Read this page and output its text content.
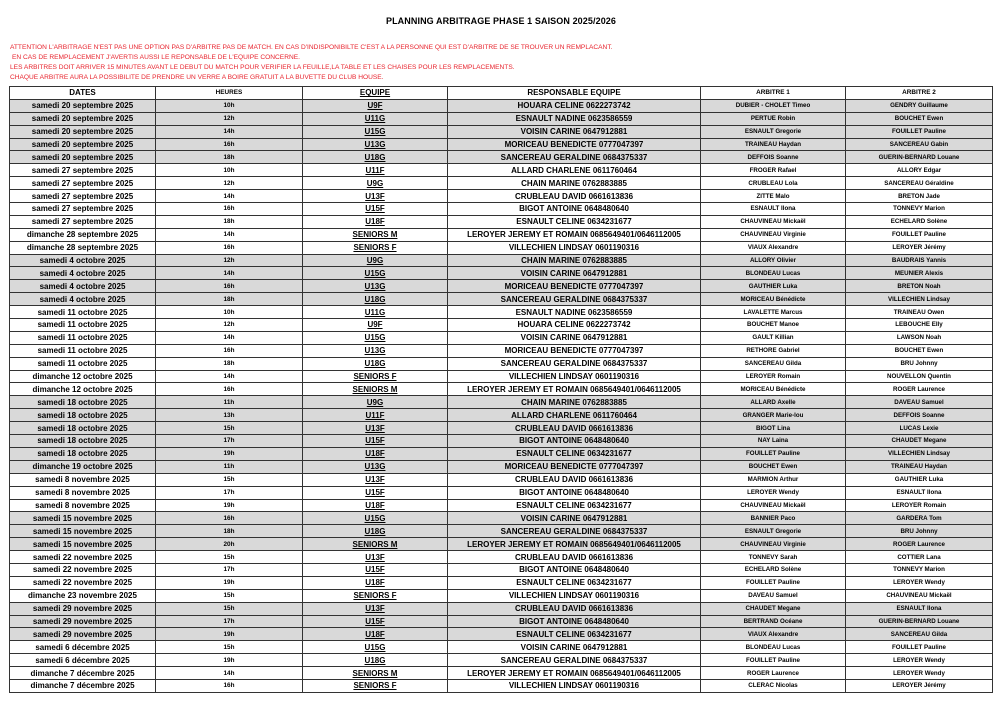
PLANNING ARBITRAGE PHASE 1 SAISON 2025/2026
ATTENTION L'ARBITRAGE N'EST PAS UNE OPTION PAS D'ARBITRE PAS DE MATCH. EN CAS D'INDISPONIBILTE C'EST A LA PERSONNE QUI EST D'ARBITRE DE SE TROUVER UN REMPLACANT.
EN CAS DE REMPLACEMENT J'AVERTIS AUSSI LE REPONSABLE DE L'EQUIPE CONCERNE.
LES ARBITRES DOIT ARRIVER 15 MINUTES AVANT LE DEBUT DU MATCH POUR VERIFIER LA FEUILLE,LA TABLE ET LES CHAISES POUR LES REMPLACEMENTS.
CHAQUE ARBITRE AURA LA POSSIBILITE DE PRENDRE UN VERRE A BOIRE GRATUIT A LA BUVETTE DU CLUB HOUSE.
DATES	HEURES	EQUIPE	RESPONSABLE EQUIPE	ARBITRE 1	ARBITRE 2
samedi 20 septembre 2025	10h	U9F	HOUARA CELINE 0622273742	DUBIER - CHOLET Timeo	GENDRY Guillaume
samedi 20 septembre 2025	12h	U11G	ESNAULT NADINE 0623586559	PERTUE Robin	BOUCHET Ewen
samedi 20 septembre 2025	14h	U15G	VOISIN CARINE 0647912881	ESNAULT Gregorie	FOUILLET Pauline
samedi 20 septembre 2025	16h	U13G	MORICEAU BENEDICTE 0777047397	TRAINEAU Haydan	SANCEREAU Gabin
samedi 20 septembre 2025	18h	U18G	SANCEREAU GERALDINE 0684375337	DEFFOIS Soanne	GUERIN-BERNARD Louane
samedi 27 septembre 2025	10h	U11F	ALLARD CHARLENE 0611760464	FROGER Rafael	ALLORY Edgar
samedi 27 septembre 2025	12h	U9G	CHAIN MARINE 0762883885	CRUBLEAU Lola	SANCEREAU Géraldine
samedi 27 septembre 2025	14h	U13F	CRUBLEAU DAVID 0661613836	ZITTE Malo	BRETON Jade
samedi 27 septembre 2025	16h	U15F	BIGOT ANTOINE 0648480640	ESNAULT Ilona	TONNEVY Marion
samedi 27 septembre 2025	18h	U18F	ESNAULT CELINE 0634231677	CHAUVINEAU Mickaël	ECHELARD Solène
dimanche 28 septembre 2025	14h	SENIORS M	LEROYER JEREMY ET ROMAIN 0685649401/0646112005	CHAUVINEAU Virginie	FOUILLET Pauline
dimanche 28 septembre 2025	16h	SENIORS F	VILLECHIEN LINDSAY 0601190316	VIAUX Alexandre	LEROYER Jérémy
samedi 4 octobre 2025	12h	U9G	CHAIN MARINE 0762883885	ALLORY Olivier	BAUDRAIS Yannis
samedi 4 octobre 2025	14h	U15G	VOISIN CARINE 0647912881	BLONDEAU Lucas	MEUNIER Alexis
samedi 4 octobre 2025	16h	U13G	MORICEAU BENEDICTE 0777047397	GAUTHIER Luka	BRETON Noah
samedi 4 octobre 2025	18h	U18G	SANCEREAU GERALDINE 0684375337	MORICEAU Bénédicte	VILLECHIEN Lindsay
samedi 11 octobre 2025	10h	U11G	ESNAULT NADINE 0623586559	LAVALETTE Marcus	TRAINEAU Owen
samedi 11 octobre 2025	12h	U9F	HOUARA CELINE 0622273742	BOUCHET Manoe	LEBOUCHE Elly
samedi 11 octobre 2025	14h	U15G	VOISIN CARINE 0647912881	GAULT Killian	LAWSON Noah
samedi 11 octobre 2025	16h	U13G	MORICEAU BENEDICTE 0777047397	RETHORE Gabriel	BOUCHET Ewen
samedi 11 octobre 2025	18h	U18G	SANCEREAU GERALDINE 0684375337	SANCEREAU Gilda	BRU Johnny
dimanche 12 octobre 2025	14h	SENIORS F	VILLECHIEN LINDSAY 0601190316	LEROYER Romain	NOUVELLON Quentin
dimanche 12 octobre 2025	16h	SENIORS M	LEROYER JEREMY ET ROMAIN 0685649401/0646112005	MORICEAU Bénédicte	ROGER Laurence
samedi 18 octobre 2025	11h	U9G	CHAIN MARINE 0762883885	ALLARD Axelle	DAVEAU Samuel
samedi 18 octobre 2025	13h	U11F	ALLARD CHARLENE 0611760464	GRANGER Marie-lou	DEFFOIS Soanne
samedi 18 octobre 2025	15h	U13F	CRUBLEAU DAVID 0661613836	BIGOT Lina	LUCAS Lexie
samedi 18 octobre 2025	17h	U15F	BIGOT ANTOINE 0648480640	NAY Laina	CHAUDET Megane
samedi 18 octobre 2025	19h	U18F	ESNAULT CELINE 0634231677	FOUILLET Pauline	VILLECHIEN Lindsay
dimanche 19 octobre 2025	11h	U13G	MORICEAU BENEDICTE 0777047397	BOUCHET Ewen	TRAINEAU Haydan
samedi 8 novembre 2025	15h	U13F	CRUBLEAU DAVID 0661613836	MARMION Arthur	GAUTHIER Luka
samedi 8 novembre 2025	17h	U15F	BIGOT ANTOINE 0648480640	LEROYER Wendy	ESNAULT Ilona
samedi 8 novembre 2025	19h	U18F	ESNAULT CELINE 0634231677	CHAUVINEAU Mickaël	LEROYER Romain
samedi 15 novembre 2025	16h	U15G	VOISIN CARINE 0647912881	BANNIER Paco	GARDERA Tom
samedi 15 novembre 2025	18h	U18G	SANCEREAU GERALDINE 0684375337	ESNAULT Gregorie	BRU Johnny
samedi 15 novembre 2025	20h	SENIORS M	LEROYER JEREMY ET ROMAIN 0685649401/0646112005	CHAUVINEAU Virginie	ROGER Laurence
samedi 22 novembre 2025	15h	U13F	CRUBLEAU DAVID 0661613836	TONNEVY Sarah	COTTIER Lana
samedi 22 novembre 2025	17h	U15F	BIGOT ANTOINE 0648480640	ECHELARD Solène	TONNEVY Marion
samedi 22 novembre 2025	19h	U18F	ESNAULT CELINE 0634231677	FOUILLET Pauline	LEROYER Wendy
dimanche 23 novembre 2025	15h	SENIORS F	VILLECHIEN LINDSAY 0601190316	DAVEAU Samuel	CHAUVINEAU Mickaël
samedi 29 novembre 2025	15h	U13F	CRUBLEAU DAVID 0661613836	CHAUDET Megane	ESNAULT Ilona
samedi 29 novembre 2025	17h	U15F	BIGOT ANTOINE 0648480640	BERTRAND Océane	GUERIN-BERNARD Louane
samedi 29 novembre 2025	19h	U18F	ESNAULT CELINE 0634231677	VIAUX Alexandre	SANCEREAU Gilda
samedi 6 décembre 2025	15h	U15G	VOISIN CARINE 0647912881	BLONDEAU Lucas	FOUILLET Pauline
samedi 6 décembre 2025	19h	U18G	SANCEREAU GERALDINE 0684375337	FOUILLET Pauline	LEROYER Wendy
dimanche 7 décembre 2025	14h	SENIORS M	LEROYER JEREMY ET ROMAIN 0685649401/0646112005	ROGER Laurence	LEROYER Wendy
dimanche 7 décembre 2025	16h	SENIORS F	VILLECHIEN LINDSAY 0601190316	CLERAC Nicolas	LEROYER Jérémy
